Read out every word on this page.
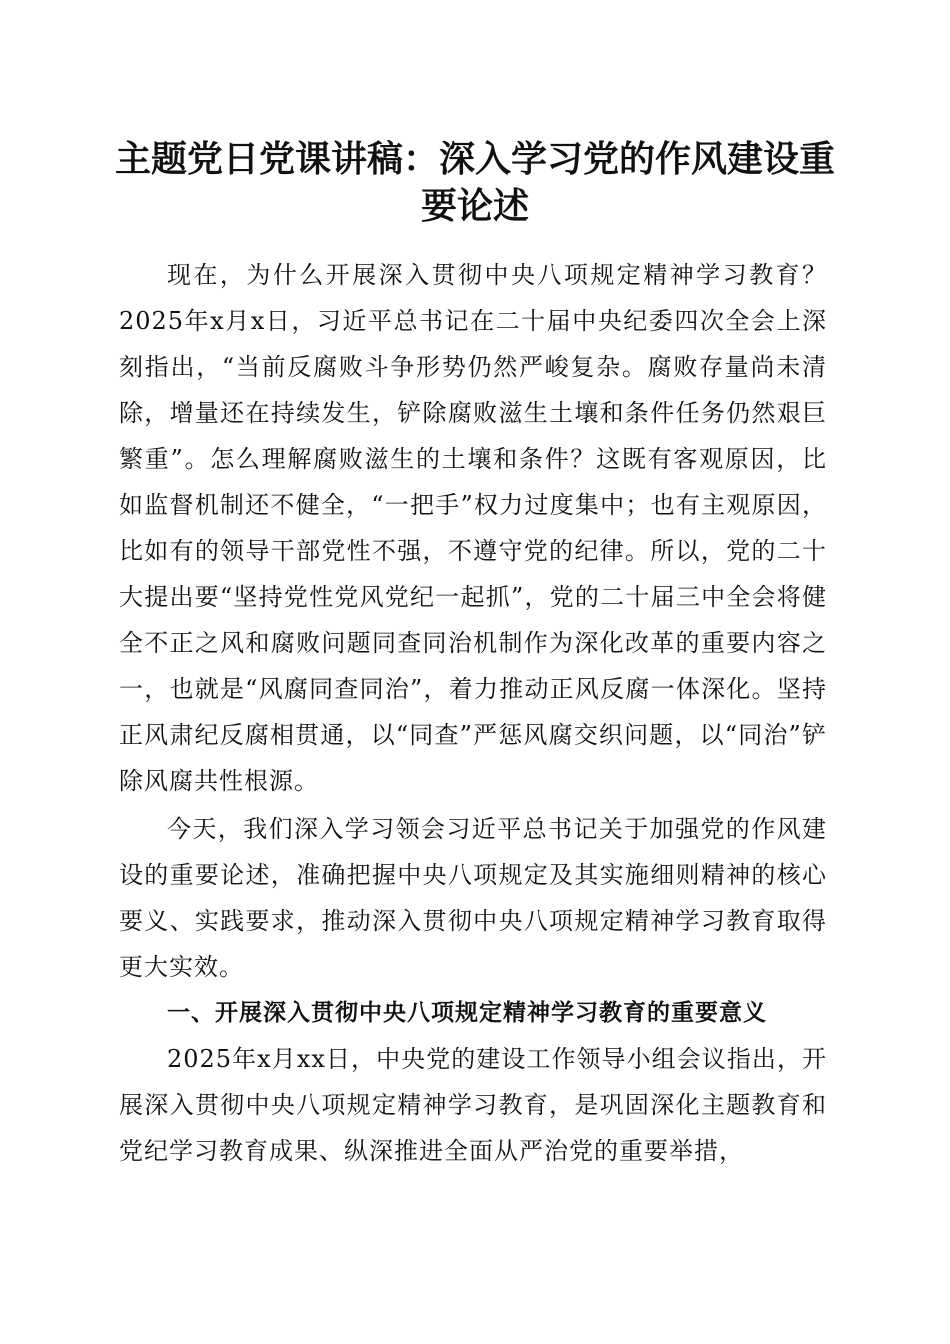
主题党日党课讲稿：深入学习党的作风建设重要论述

现在，为什么开展深入贯彻中央八项规定精神学习教育？2025年x月x日，习近平总书记在二十届中央纪委四次全会上深刻指出，“当前反腐败斗争形势仍然严峻复杂。腐败存量尚未清除，增量还在持续发生，铲除腐败滋生土壤和条件任务仍然艰巨繁重”。怎么理解腐败滋生的土壤和条件？这既有客观原因，比如监督机制还不健全，“一把手”权力过度集中；也有主观原因，比如有的领导干部党性不强，不遵守党的纪律。所以，党的二十大提出要“坚持党性党风党纪一起抓”，党的二十届三中全会将健全不正之风和腐败问题同查同治机制作为深化改革的重要内容之一，也就是“风腐同查同治”，着力推动正风反腐一体深化。坚持正风肃纪反腐相贯通，以“同查”严惩风腐交织问题，以“同治”铲除风腐共性根源。

今天，我们深入学习领会习近平总书记关于加强党的作风建设的重要论述，准确把握中央八项规定及其实施细则精神的核心要义、实践要求，推动深入贯彻中央八项规定精神学习教育取得更大实效。

一、开展深入贯彻中央八项规定精神学习教育的重要意义

2025年x月xx日，中央党的建设工作领导小组会议指出，开展深入贯彻中央八项规定精神学习教育，是巩固深化主题教育和党纪学习教育成果、纵深推进全面从严治党的重要举措，
